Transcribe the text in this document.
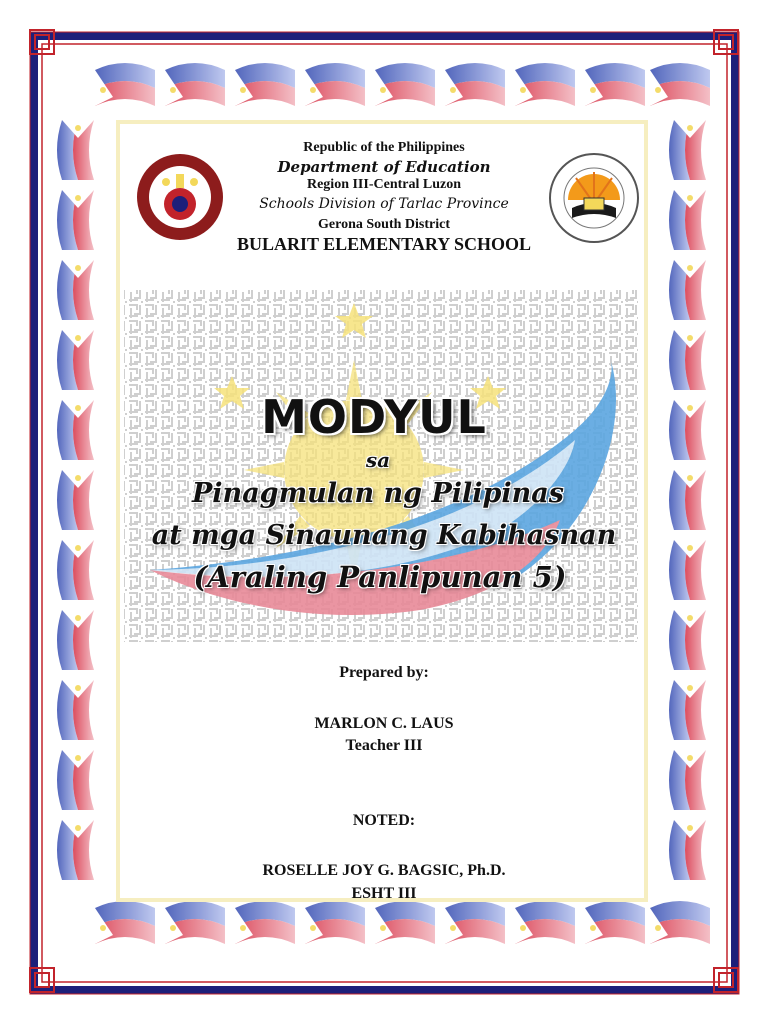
Republic of the Philippines
Department of Education
Region III-Central Luzon
Schools Division of Tarlac Province
Gerona South District
BULARIT ELEMENTARY SCHOOL
MODYUL
sa
Pinagmulan ng Pilipinas
at mga Sinaunang Kabihasnan
(Araling Panlipunan 5)
Prepared by:
MARLON C. LAUS
Teacher III
NOTED:
ROSELLE JOY G. BAGSIC, Ph.D.
ESHT III
